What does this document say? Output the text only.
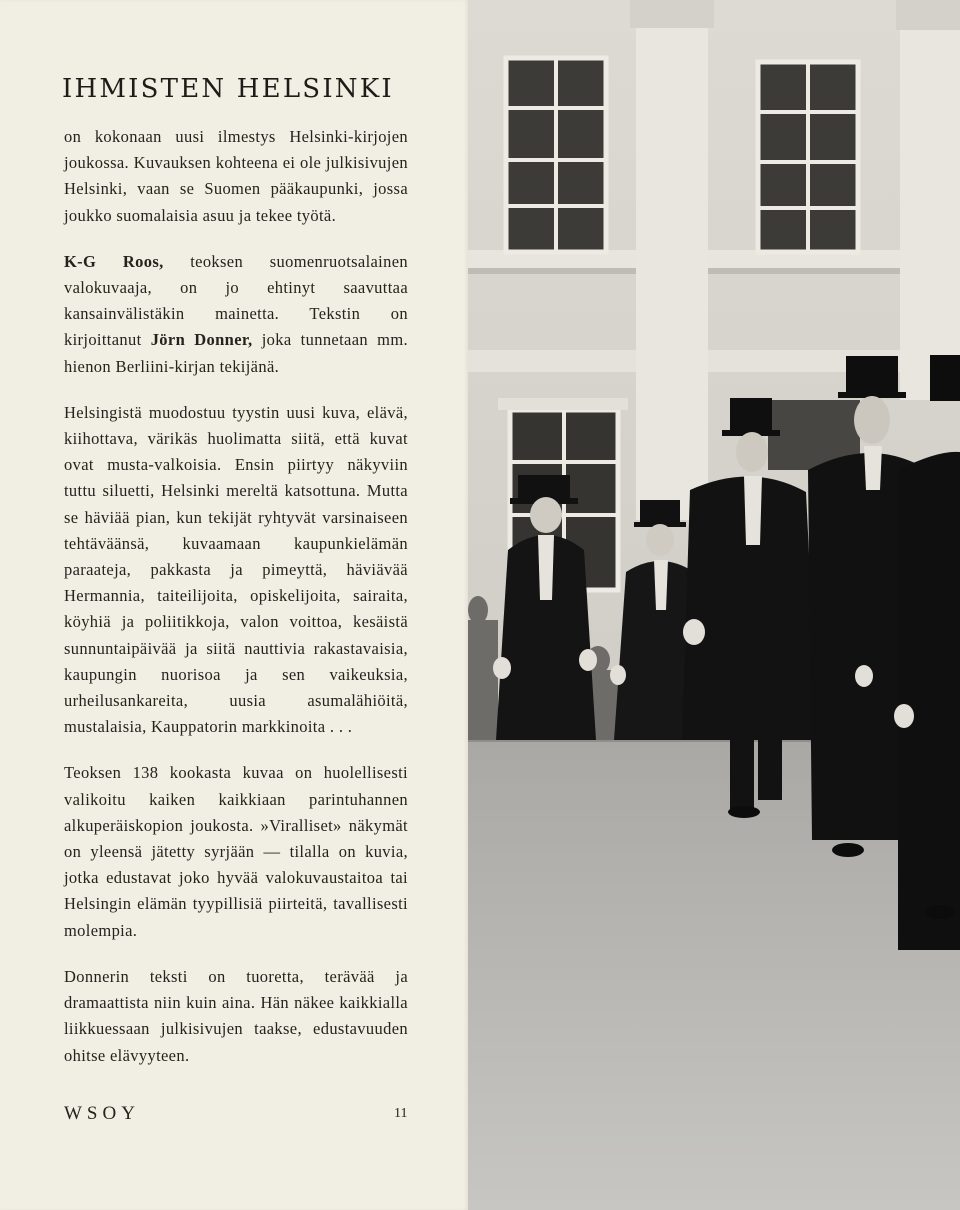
IHMISTEN HELSINKI

on kokonaan uusi ilmestys Helsinki-kirjojen joukossa. Kuvauksen kohteena ei ole julkisivujen Helsinki, vaan se Suomen pääkaupunki, jossa joukko suomalaisia asuu ja tekee työtä.

K-G Roos, teoksen suomenruotsalainen valokuvaaja, on jo ehtinyt saavuttaa kansainvälistäkin mainetta. Tekstin on kirjoittanut Jörn Donner, joka tunnetaan mm. hienon Berliini-kirjan tekijänä.

Helsingistä muodostuu tyystin uusi kuva, elävä, kiihottava, värikäs huolimatta siitä, että kuvat ovat musta-valkoisia. Ensin piirtyy näkyviin tuttu siluetti, Helsinki mereltä katsottuna. Mutta se häviää pian, kun tekijät ryhtyvät varsinaiseen tehtäväänsä, kuvaamaan kaupunkielämän paraateja, pakkasta ja pimeyttä, häviävää Hermannia, taiteilijoita, opiskelijoita, sairaita, köyhiä ja poliitikkoja, valon voittoa, kesäistä sunnuntaipäivää ja siitä nauttivia rakastavaisia, kaupungin nuorisoa ja sen vaikeuksia, urheilusankareita, uusia asumalähiöitä, mustalaisia, Kauppatorin markkinoita . . .

Teoksen 138 kookasta kuvaa on huolellisesti valikoitu kaiken kaikkiaan parintuhannen alkuperäiskopion joukosta. »Viralliset» näkymät on yleensä jätetty syrjään — tilalla on kuvia, jotka edustavat joko hyvää valokuvaustaitoa tai Helsingin elämän tyypillisiä piirteitä, tavallisesti molempia.

Donnerin teksti on tuoretta, terävää ja dramaattista niin kuin aina. Hän näkee kaikkialla liikkuessaan julkisivujen taakse, edustavuuden ohitse elävyyteen.

WSOY	11
